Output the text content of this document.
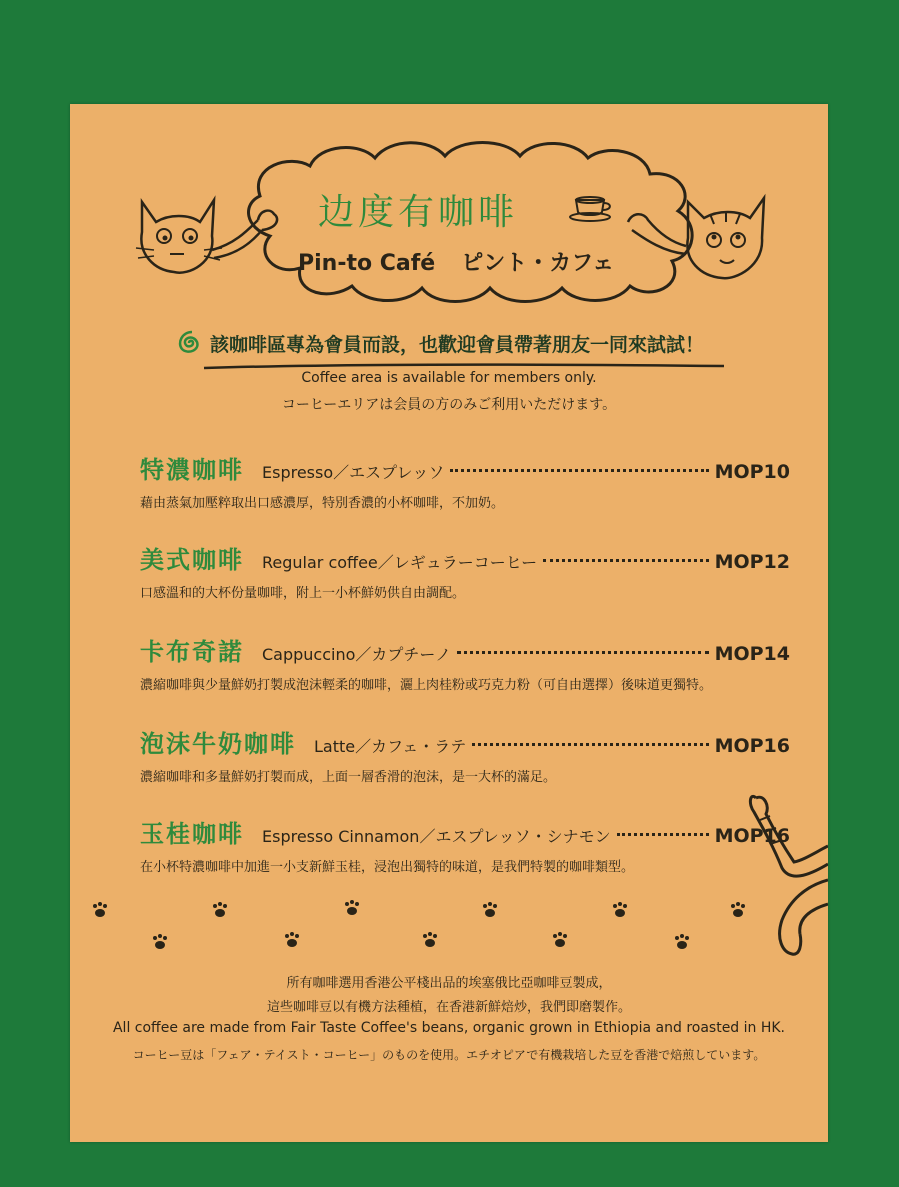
边度有咖啡
Pin-to Café ピント・カフェ
該咖啡區專為會員而設，也歡迎會員帶著朋友一同來試試！
Coffee area is available for members only.
コーヒーエリアは会員の方のみご利用いただけます。
特濃咖啡 Espresso／エスプレッソ	MOP10
藉由蒸氣加壓粹取出口感濃厚，特別香濃的小杯咖啡，不加奶。
美式咖啡 Regular coffee／レギュラーコーヒー	MOP12
口感溫和的大杯份量咖啡，附上一小杯鮮奶供自由調配。
卡布奇諾 Cappuccino／カプチーノ	MOP14
濃縮咖啡與少量鮮奶打製成泡沫輕柔的咖啡，灑上肉桂粉或巧克力粉（可自由選擇）後味道更獨特。
泡沫牛奶咖啡 Latte／カフェ・ラテ	MOP16
濃縮咖啡和多量鮮奶打製而成，上面一層香滑的泡沫，是一大杯的滿足。
玉桂咖啡 Espresso Cinnamon／エスプレッソ・シナモン	MOP16
在小杯特濃咖啡中加進一小支新鮮玉桂，浸泡出獨特的味道，是我們特製的咖啡類型。
所有咖啡選用香港公平棧出品的埃塞俄比亞咖啡豆製成，
這些咖啡豆以有機方法種植，在香港新鮮焙炒，我們即磨製作。
All coffee are made from Fair Taste Coffee's beans, organic grown in Ethiopia and roasted in HK.
コーヒー豆は「フェア・テイスト・コーヒー」のものを使用。エチオピアで有機栽培した豆を香港で焙煎しています。
